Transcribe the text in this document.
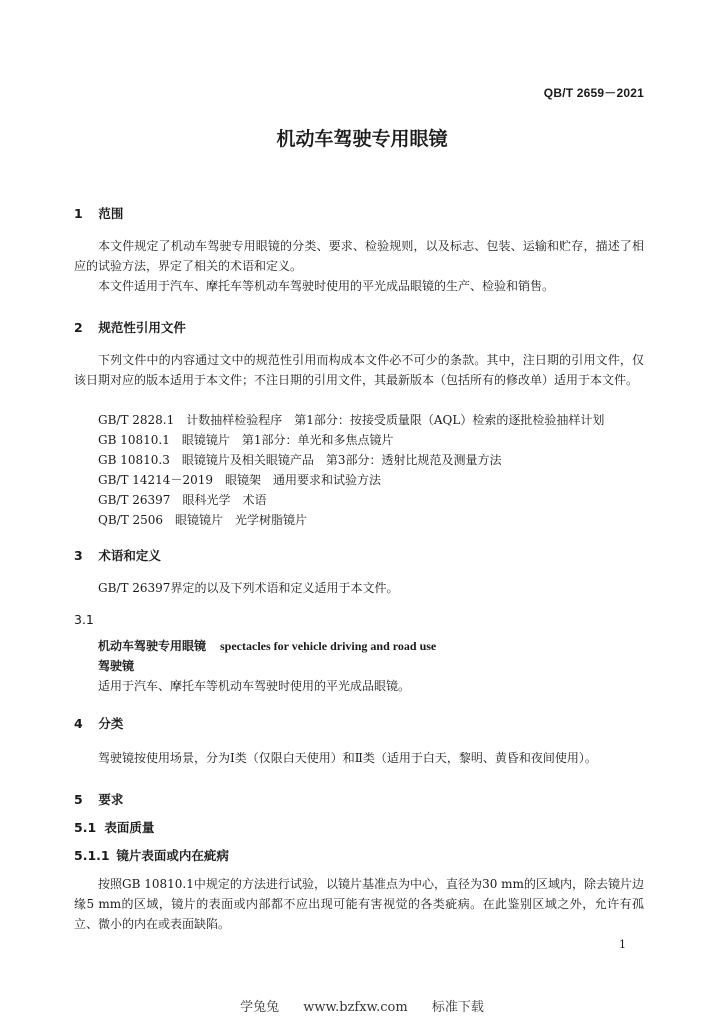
QB/T 2659－2021
机动车驾驶专用眼镜
1 范围
本文件规定了机动车驾驶专用眼镜的分类、要求、检验规则，以及标志、包装、运输和贮存，描述了相应的试验方法，界定了相关的术语和定义。
本文件适用于汽车、摩托车等机动车驾驶时使用的平光成品眼镜的生产、检验和销售。
2 规范性引用文件
下列文件中的内容通过文中的规范性引用而构成本文件必不可少的条款。其中，注日期的引用文件，仅该日期对应的版本适用于本文件；不注日期的引用文件，其最新版本（包括所有的修改单）适用于本文件。
GB/T 2828.1　计数抽样检验程序　第1部分：按接受质量限（AQL）检索的逐批检验抽样计划
GB 10810.1　眼镜镜片　第1部分：单光和多焦点镜片
GB 10810.3　眼镜镜片及相关眼镜产品　第3部分：透射比规范及测量方法
GB/T 14214－2019　眼镜架　通用要求和试验方法
GB/T 26397　眼科光学　术语
QB/T 2506　眼镜镜片　光学树脂镜片
3 术语和定义
GB/T 26397界定的以及下列术语和定义适用于本文件。
3.1
机动车驾驶专用眼镜 spectacles for vehicle driving and road use
驾驶镜
适用于汽车、摩托车等机动车驾驶时使用的平光成品眼镜。
4 分类
驾驶镜按使用场景，分为Ⅰ类（仅限白天使用）和Ⅱ类（适用于白天，黎明、黄昏和夜间使用）。
5 要求
5.1 表面质量
5.1.1 镜片表面或内在疵病
按照GB 10810.1中规定的方法进行试验，以镜片基准点为中心，直径为30 mm的区域内，除去镜片边缘5 mm的区域，镜片的表面或内部都不应出现可能有害视觉的各类疵病。在此鉴别区域之外，允许有孤立、微小的内在或表面缺陷。
1
学兔兔 www.bzfxw.com 标准下载
